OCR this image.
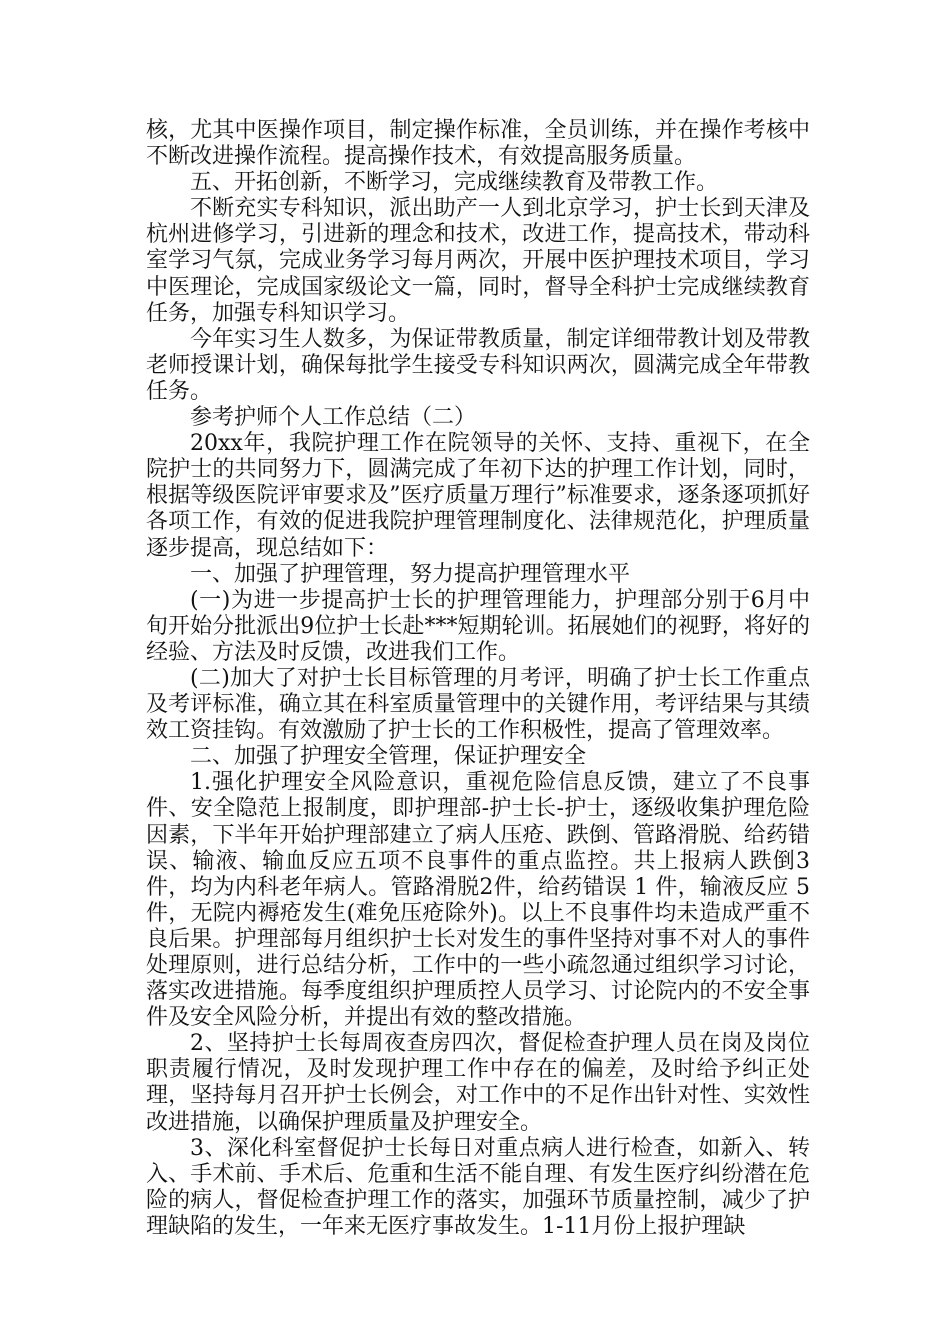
核，尤其中医操作项目，制定操作标准，全员训练，并在操作考核中不断改进操作流程。提高操作技术，有效提高服务质量。

五、开拓创新，不断学习，完成继续教育及带教工作。

不断充实专科知识，派出助产一人到北京学习，护士长到天津及杭州进修学习，引进新的理念和技术，改进工作，提高技术，带动科室学习气氛，完成业务学习每月两次，开展中医护理技术项目，学习中医理论，完成国家级论文一篇，同时，督导全科护士完成继续教育任务，加强专科知识学习。

今年实习生人数多，为保证带教质量，制定详细带教计划及带教老师授课计划，确保每批学生接受专科知识两次，圆满完成全年带教任务。

参考护师个人工作总结（二）

20xx年，我院护理工作在院领导的关怀、支持、重视下，在全院护士的共同努力下，圆满完成了年初下达的护理工作计划，同时，根据等级医院评审要求及”医疗质量万理行”标准要求，逐条逐项抓好各项工作，有效的促进我院护理管理制度化、法律规范化，护理质量逐步提高，现总结如下：

一、加强了护理管理，努力提高护理管理水平

(一)为进一步提高护士长的护理管理能力，护理部分别于6月中旬开始分批派出9位护士长赴***短期轮训。拓展她们的视野，将好的经验、方法及时反馈，改进我们工作。

(二)加大了对护士长目标管理的月考评，明确了护士长工作重点及考评标准，确立其在科室质量管理中的关键作用，考评结果与其绩效工资挂钩。有效激励了护士长的工作积极性，提高了管理效率。

二、加强了护理安全管理，保证护理安全

1.强化护理安全风险意识，重视危险信息反馈，建立了不良事件、安全隐范上报制度，即护理部-护士长-护士，逐级收集护理危险因素，下半年开始护理部建立了病人压疮、跌倒、管路滑脱、给药错误、输液、输血反应五项不良事件的重点监控。共上报病人跌倒3件，均为内科老年病人。管路滑脱2件，给药错误 1 件，输液反应 5 件，无院内褥疮发生(难免压疮除外)。以上不良事件均未造成严重不良后果。护理部每月组织护士长对发生的事件坚持对事不对人的事件处理原则，进行总结分析，工作中的一些小疏忽通过组织学习讨论，落实改进措施。每季度组织护理质控人员学习、讨论院内的不安全事件及安全风险分析，并提出有效的整改措施。

2、坚持护士长每周夜查房四次，督促检查护理人员在岗及岗位职责履行情况，及时发现护理工作中存在的偏差，及时给予纠正处理，坚持每月召开护士长例会，对工作中的不足作出针对性、实效性改进措施，以确保护理质量及护理安全。

3、深化科室督促护士长每日对重点病人进行检查，如新入、转入、手术前、手术后、危重和生活不能自理、有发生医疗纠纷潜在危险的病人，督促检查护理工作的落实，加强环节质量控制，减少了护理缺陷的发生，一年来无医疗事故发生。1-11月份上报护理缺
